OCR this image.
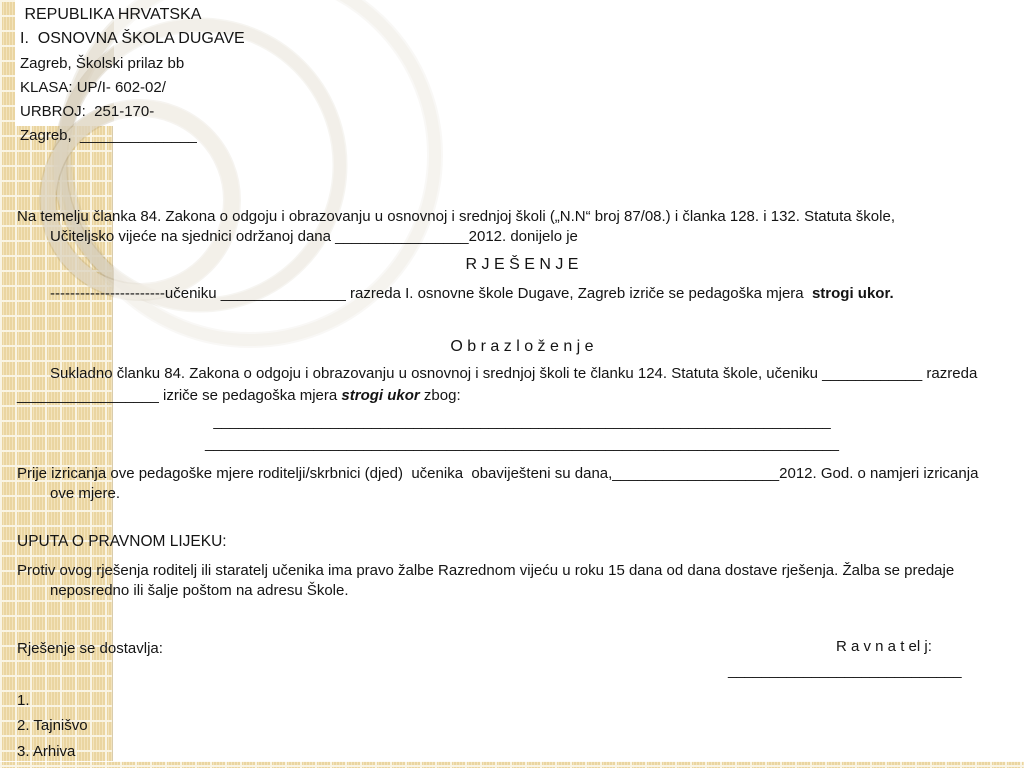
REPUBLIKA HRVATSKA
I.  OSNOVNA ŠKOLA DUGAVE
Zagreb, Školski prilaz bb
KLASA: UP/I- 602-02/
URBROJ:  251-170-
Zagreb,  ______________
Na temelju članka 84. Zakona o odgoju i obrazovanju u osnovnoj i srednjoj školi („N.N“ broj 87/08.) i članka 128. i 132. Statuta škole,
Učiteljsko vijeće na sjednici održanoj dana ________________2012. donijelo je
R J E Š E N J E
-----------------------učeniku _______________ razreda I. osnovne škole Dugave, Zagreb izriče se pedagoška mjera  strogi ukor.
O b r a z l o ž e n j e
Sukladno članku 84. Zakona o odgoju i obrazovanju u osnovnoj i srednjoj školi te članku 124. Statuta škole, učeniku ____________ razreda
_________________ izriče se pedagoška mjera strogi ukor zbog:
__________________________________________________________________________
____________________________________________________________________________
Prije izricanja ove pedagoške mjere roditelji/skrbnici (djed)  učenika  obaviješteni su dana,____________________2012. God. o namjeri izricanja
ove mjere.
UPUTA O PRAVNOM LIJEKU:
Protiv ovog rješenja roditelj ili staratelj učenika ima pravo žalbe Razrednom vijeću u roku 15 dana od dana dostave rješenja. Žalba se predaje
neposredno ili šalje poštom na adresu Škole.
Rješenje se dostavlja:	R a v n a t el j:
____________________________
1.
2. Tajnišvo
3. Arhiva
